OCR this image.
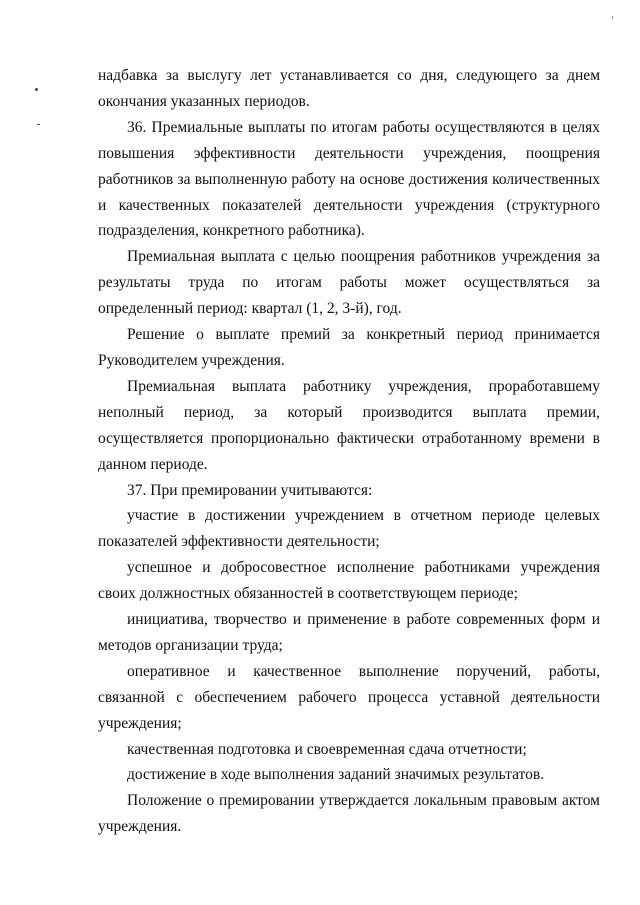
надбавка за выслугу лет устанавливается со дня, следующего за днем окончания указанных периодов.

36. Премиальные выплаты по итогам работы осуществляются в целях повышения эффективности деятельности учреждения, поощрения работников за выполненную работу на основе достижения количественных и качественных показателей деятельности учреждения (структурного подразделения, конкретного работника).

Премиальная выплата с целью поощрения работников учреждения за результаты труда по итогам работы может осуществляться за определенный период: квартал (1, 2, 3-й), год.

Решение о выплате премий за конкретный период принимается Руководителем учреждения.

Премиальная выплата работнику учреждения, проработавшему неполный период, за который производится выплата премии, осуществляется пропорционально фактически отработанному времени в данном периоде.

37. При премировании учитываются:

участие в достижении учреждением в отчетном периоде целевых показателей эффективности деятельности;

успешное и добросовестное исполнение работниками учреждения своих должностных обязанностей в соответствующем периоде;

инициатива, творчество и применение в работе современных форм и методов организации труда;

оперативное и качественное выполнение поручений, работы, связанной с обеспечением рабочего процесса уставной деятельности учреждения;

качественная подготовка и своевременная сдача отчетности;

достижение в ходе выполнения заданий значимых результатов.

Положение о премировании утверждается локальным правовым актом учреждения.
